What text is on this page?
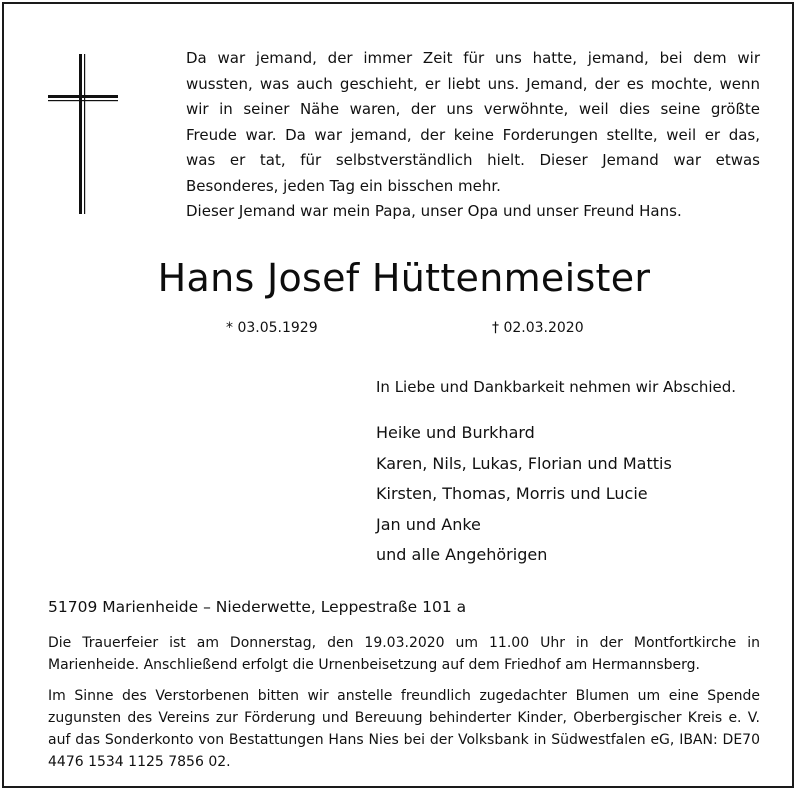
Da war jemand, der immer Zeit für uns hatte, jemand, bei dem wir

wussten, was auch geschieht, er liebt uns. Jemand, der es mochte, wenn

wir in seiner Nähe waren, der uns verwöhnte, weil dies seine größte

Freude war. Da war jemand, der keine Forderungen stellte, weil er das,

was er tat, für selbstverständlich hielt. Dieser Jemand war etwas

Besonderes, jeden Tag ein bisschen mehr.

Dieser Jemand war mein Papa, unser Opa und unser Freund Hans.

Hans Josef Hüttenmeister
* 03.05.1929	† 02.03.2020
In Liebe und Dankbarkeit nehmen wir Abschied.
Heike und Burkhard
Karen, Nils, Lukas, Florian und Mattis
Kirsten, Thomas, Morris und Lucie
Jan und Anke
und alle Angehörigen
51709 Marienheide – Niederwette, Leppestraße 101 a

Die Trauerfeier ist am Donnerstag, den 19.03.2020 um 11.00 Uhr in der Montfortkirche in Marienheide. Anschließend erfolgt die Urnenbeisetzung auf dem Friedhof am Hermannsberg.

Im Sinne des Verstorbenen bitten wir anstelle freundlich zugedachter Blumen um eine Spende zugunsten des Vereins zur Förderung und Bereuung behinderter Kinder, Oberbergischer Kreis e. V. auf das Sonderkonto von Bestattungen Hans Nies bei der Volksbank in Südwestfalen eG, IBAN: DE70 4476 1534 1125 7856 02.
